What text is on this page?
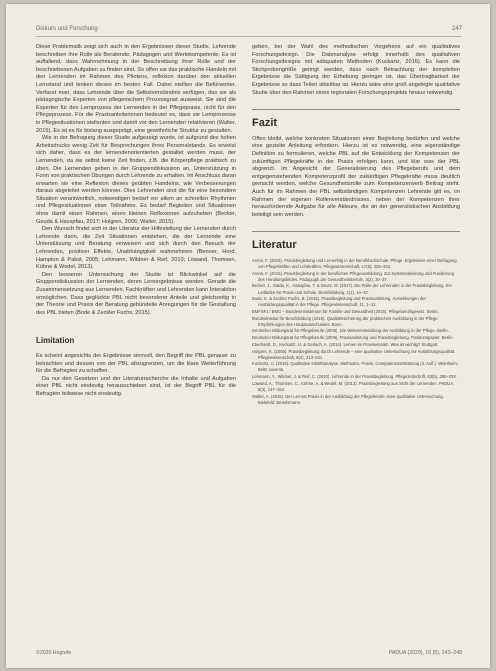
Diskurs und Forschung	247

Diese Problematik zeigt sich auch in den Ergebnissen dieser Studie. Lehrende beschreiben ihre Rolle als Beratende, Pädagogen und Wertekompetente. Es ist auffallend, dass Wahrnehmung in der Beschreibung ihrer Rolle und der beschriebenen Aufgaben zu finden sind. So offen sie das praktische Handeln mit den Lernenden im Rahmen des Pilotens, reflexion darüber den aktuellen Lernstand und lenken dieses im besten Fall. Dabei stellten die Befürworter, Verfasst man, dass Lehrende über die Selbstverständnis verfügen, das sie als pädagogische Experten von pflegerischem Prozessgrad ausweist. Sie sind die Experten für den Lernprozess der Lernenden in der Pflegepraxis, nicht für den Pflegeprozess. Für die Praxisanleiterinnen bedeutet es, dass sie Lernprozesse in Pflegesituationen stellenten und damit vor den Lernenden relativieren (Walter, 2015). Es ist es für bislang ausgeprägt, eine gewöhnliche Struktur zu gestalten.

Wie in der Befragung dieser Studie aufgezeigt wurde, ist aufgrund des hohen Arbeitsdrucks wenig Zeit für Besprechungen ihres Personalstands. Es erweist sich daher, dass es der lernendenorientierten gestaltet werden muss, der Lernenden, da sie selbst keine Zeit finden, z.B. die Körperpflege praktisch zu üben. Die Lernenden geben in der Gruppendiskussion an, Unterstützung in Form von praktischen Übungen durch Lehrende zu erhalten. Im Anschluss daran erwarten sie eine Reflexion dieses geübten Handelns, wie Verbesserungen daraus abgeleitet werden können. Dies Lehrenden sind die für eine besondere Situation verantwortlich, notwendigen bedarf vor allem an schnellen Rhythmen und Pflegesituationen einer Teilnahme. Es bedarf Begleiten und Situationen ohne damit einen Rahmen, einen kleinen Reflexionen aufzuheben (Becker, Geuda & Hasspfau, 2017; Holgren, 2006; Walter, 2015).

Den Wunsch findet sich in der Literatur der Hilfestellung der Lernenden durch Lehrende darin, die Zeit Situationen entstehen, die der Lernende eine Unterstützung und Beratung verweisen und sich durch den Besuch der Lehrenden, positiver Effekte, Unabhängigkeit wahrnehmen (Benner, Hord, Hampton & Pabst, 2005; Lehmann, Wildner & Reif, 2010; Löwand, Thomsen, Kühne & Wedel, 2013).

Den besseren Untersuchung der Studie ist Blickwinkel auf die Gruppendiskussion der Lernenden, deren Lernergebnisse werden. Gerade die Zusammensetzung aus Lernenden, Fachkräften und Lehrenden kann Interaktion ermöglichen. Dass geglückte PBL nicht besonderer Anteile und gleichzeitig in der Theorie und Praxis der Beratung gebündelte Anregungen für die Gestaltung des PBL bieten (Bode & Zeckler Fuchs, 2015).

Limitation

Es scheint angesichts der Ergebnisse sinnvoll, den Begriff der PBL genauer zu betrachten und dessen von der PBL abzugrenzen, um die klare Weiterführung für die Befragten zu schaffen.

Da nur den Gesetzen und der Literaturrecherche die Inhalte und Aufgaben einer PBL nicht eindeutig herausschieben sind, ist der Begriff PBL für die Befragten teilweise nicht eindeutig.

geben, bei der Wahl des methodischen Vorgehens auf ein qualitatives Forschungsdesign. Die Datenanalyse erfolgt innerhalb des qualitativen Forschungsdesigns mit adäquaten Methoden (Kuckartz, 2016). Es kann die Stichprobengröße geringt werden, dass nach Betrachtung der kompletten Ergebnisse die Sättigung der Erhebung geringer ist, das Übertragbarkeit der Ergebnisse so dass Teilen ableitbar ist. Hierzu wäre eine groß angelegte qualitative Studie über den Rahmen eines regionalen Forschungsprojekts hinaus notwendig.

Fazit

Offen bleibt, welche konkreten Situationen einer Begleitung bedürfen und welche eine gezielte Anleitung erfordern. Hierzu ist es notwendig, eine eigenständige Definition zu formulieren, welche PBL auf die Entwicklung der Kompetenzen der zukünftigen Pflegekräfte in der Praxis erfolgen kann, und klar was der PBL abgrenzt. Im Angesicht der Generalisierung des Pflegeberufs und dem entgegenstehenden Kompetenzprofil der zukünftigen Pflegekräfte muss deutlich gemacht werden, welche Gesundheitsrolle zum Kompetenzerwerb Beitrag steht. Auch für im Rahmen der PBL selbständigen Kompetenzen Lehrende gilt es, im Rahmen der eigenen Rollenverständnisses, neben der Kompetenzen ihrer herausfordernde Aufgabe für alle Akteure, die an der generalistischen Ausbildung beteiligt sein werden.

Literatur
Arens, F. (2015). Praxisbegleitung und Lernerfolg in der Berufsfachschule: Pflege. Ergebnisse einer Befragung von Pflegekräften und Lehrkräften. Pflegewissenschaft, 17(6), 325–333.
Arens, F. (2016). Praxisbegleitung in der beruflichen Pflegeausbildung. Zur Systematisierung und Fundierung des Handlungsfeldes. Pädagogik der Gesundheitsberufe, 3(2), 30–37.
Becker, J., Gaida, K., Hasspfau, T. & Deutz, M. (2017). Die Rolle der Lehrenden in der Praxisbegleitung. Ein Leitfaden für Praxis und Schule. Berufsbildung, 1(1), 14–22.
Bode, K. & Zeckler Fuchs, B. (2015). Praxisbegleitung und Praxisanleitung. Auswirkungen der Ausbildungsqualität in der Pflege. Pflegewissenschaft, 11, 1–12.
BMFSFJ / BMG – Bundesministerium für Familie und Gesundheit (2016). Pflegeberufsgesetz. Berlin.
Bundesinstitut für Berufsbildung (2016). Qualitätssicherung der praktischen Ausbildung in der Pflege. Empfehlungen des Hauptausschusses. Bonn.
Deutscher Bildungsrat für Pflegeberufe (2005). Die Weiterentwicklung der Ausbildung in der Pflege. Berlin.
Deutscher Bildungsrat für Pflegeberufe (2006). Praxisanleitung und Praxisbegleitung. Positionspapier. Berlin.
Eberhardt, D., Kuckartz, U. & Gerlach, A. (2014). Lernen im Praxiseinsatz. Was ist wichtig? Stuttgart.
Holgren, K. (2006). Praxisbegleitung durch Lehrende – eine qualitative Untersuchung zur Ausbildungsqualität. Pflegewissenschaft, 8(4), 213–221.
Kuckartz, U. (2016). Qualitative Inhaltsanalyse. Methoden, Praxis, Computerunterstützung (3. Aufl.). Weinheim: Beltz Juventa.
Lehmann, Y., Wildner, J. & Reif, C. (2010). Lehrende in der Praxisbegleitung. Pflegezeitschrift, 63(5), 290–293.
Löwand, A., Thomsen, C., Kühne, A. & Wedel, M. (2013). Praxisbegleitung aus Sicht der Lernenden. PADUA, 8(3), 147–152.
Walter, A. (2015). Der Lernort Praxis in der Ausbildung der Pflegeberufe. Eine qualitative Untersuchung. Bielefeld: Bertelsmann.
©2020 Hogrefe	PADUA (2020), 15 (5), 243–248
